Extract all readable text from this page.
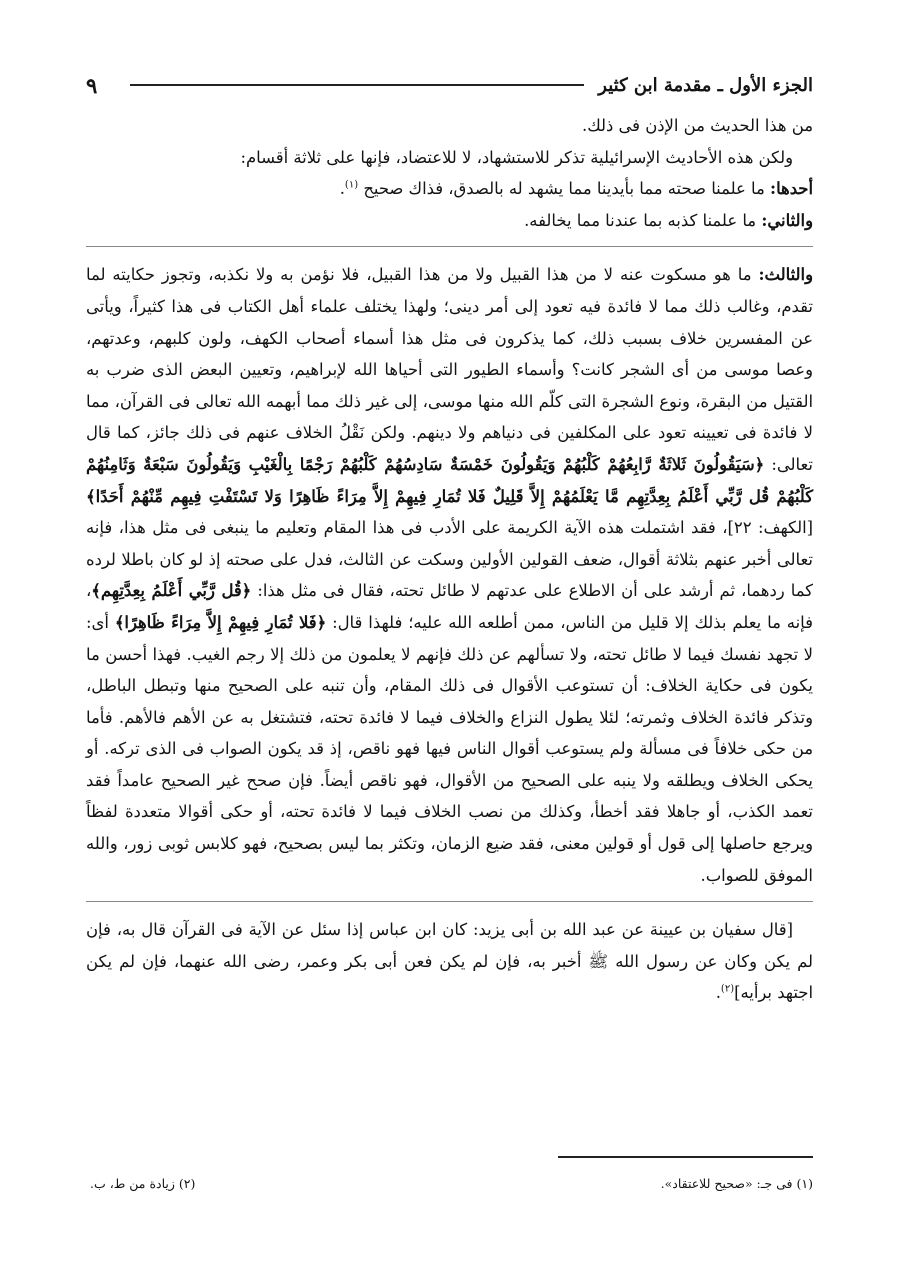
٩	الجزء الأول ـ مقدمة ابن كثير

من هذا الحديث من الإذن فى ذلك.

ولكن هذه الأحاديث الإسرائيلية تذكر للاستشهاد، لا للاعتضاد، فإنها على ثلاثة أقسام:

أحدها: ما علمنا صحته مما بأيدينا مما يشهد له بالصدق، فذاك صحيح $^{(١)}$.

والثاني: ما علمنا كذبه بما عندنا مما يخالفه.

والثالث: ما هو مسكوت عنه لا من هذا القبيل ولا من هذا القبيل، فلا نؤمن به ولا نكذبه، وتجوز حكايته لما تقدم، وغالب ذلك مما لا فائدة فيه تعود إلى أمر دينى؛ ولهذا يختلف علماء أهل الكتاب فى هذا كثيراً، ويأتى عن المفسرين خلاف بسبب ذلك، كما يذكرون فى مثل هذا أسماء أصحاب الكهف، ولون كلبهم، وعدتهم، وعصا موسى من أى الشجر كانت؟ وأسماء الطيور التى أحياها الله لإبراهيم، وتعيين البعض الذى ضرب به القتيل من البقرة، ونوع الشجرة التى كلّم الله منها موسى، إلى غير ذلك مما أبهمه الله تعالى فى القرآن، مما لا فائدة فى تعيينه تعود على المكلفين فى دنياهم ولا دينهم. ولكن نَقْلُ الخلاف عنهم فى ذلك جائز، كما قال تعالى: ﴿سَيَقُولُونَ ثَلاثَةٌ رَّابِعُهُمْ كَلْبُهُمْ وَيَقُولُونَ خَمْسَةٌ سَادِسُهُمْ كَلْبُهُمْ رَجْمًا بِالْغَيْبِ وَيَقُولُونَ سَبْعَةٌ وَثَامِنُهُمْ كَلْبُهُمْ قُل رَّبِّي أَعْلَمُ بِعِدَّتِهِم مَّا يَعْلَمُهُمْ إِلاَّ قَلِيلٌ فَلا تُمَارِ فِيهِمْ إِلاَّ مِرَاءً ظَاهِرًا وَلا تَسْتَفْتِ فِيهِم مِّنْهُمْ أَحَدًا﴾ [الكهف: ٢٢]، فقد اشتملت هذه الآية الكريمة على الأدب فى هذا المقام وتعليم ما ينبغى فى مثل هذا، فإنه تعالى أخبر عنهم بثلاثة أقوال، ضعف القولين الأولين وسكت عن الثالث، فدل على صحته إذ لو كان باطلا لرده كما ردهما، ثم أرشد على أن الاطلاع على عدتهم لا طائل تحته، فقال فى مثل هذا: ﴿قُل رَّبِّي أَعْلَمُ بِعِدَّتِهِم﴾، فإنه ما يعلم بذلك إلا قليل من الناس، ممن أطلعه الله عليه؛ فلهذا قال: ﴿فَلا تُمَارِ فِيهِمْ إِلاَّ مِرَاءً ظَاهِرًا﴾ أى: لا تجهد نفسك فيما لا طائل تحته، ولا تسألهم عن ذلك فإنهم لا يعلمون من ذلك إلا رجم الغيب. فهذا أحسن ما يكون فى حكاية الخلاف: أن تستوعب الأقوال فى ذلك المقام، وأن تنبه على الصحيح منها وتبطل الباطل، وتذكر فائدة الخلاف وثمرته؛ لئلا يطول النزاع والخلاف فيما لا فائدة تحته، فتشتغل به عن الأهم فالأهم. فأما من حكى خلافاً فى مسألة ولم يستوعب أقوال الناس فيها فهو ناقص، إذ قد يكون الصواب فى الذى تركه. أو يحكى الخلاف ويطلقه ولا ينبه على الصحيح من الأقوال، فهو ناقص أيضاً. فإن صحح غير الصحيح عامداً فقد تعمد الكذب، أو جاهلا فقد أخطأ، وكذلك من نصب الخلاف فيما لا فائدة تحته، أو حكى أقوالا متعددة لفظاً ويرجع حاصلها إلى قول أو قولين معنى، فقد ضيع الزمان، وتكثر بما ليس بصحيح، فهو كلابس ثوبى زور، والله الموفق للصواب.

[قال سفيان بن عيينة عن عبد الله بن أبى يزيد: كان ابن عباس إذا سئل عن الآية فى القرآن قال به، فإن لم يكن وكان عن رسول الله ﷺ أخبر به، فإن لم يكن فعن أبى بكر وعمر، رضى الله عنهما، فإن لم يكن اجتهد برأيه]$^{(٢)}$.

(١) فى جـ: «صحيح للاعتقاد».
(٢) زيادة من ط، ب.
